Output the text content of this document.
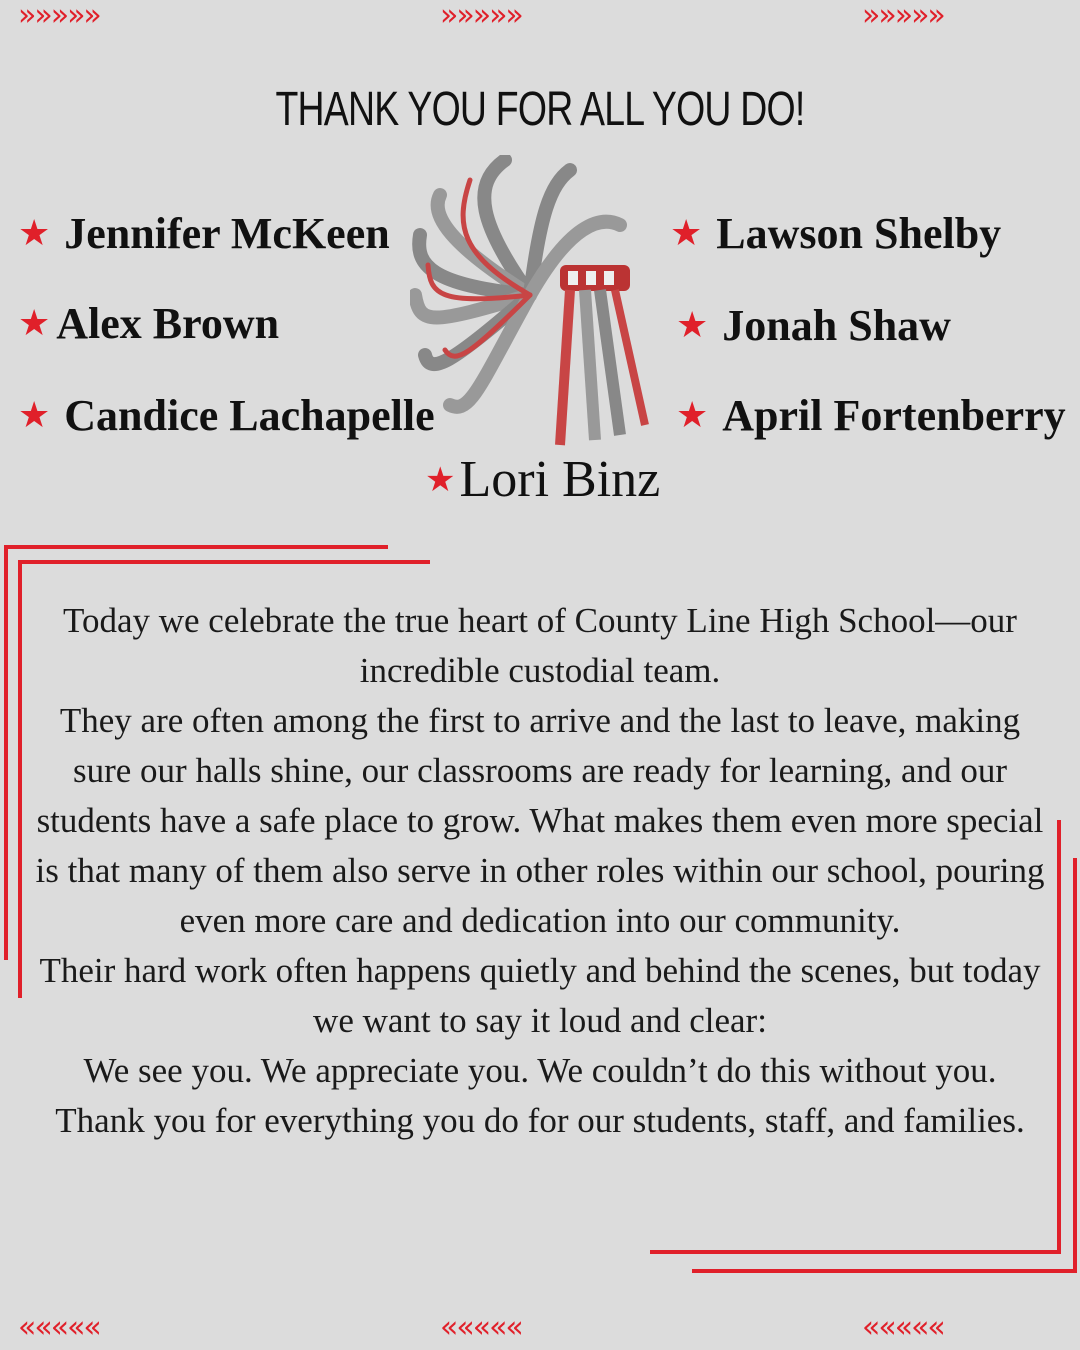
»»»»»	»»»»»	»»»»»
THANK YOU FOR ALL YOU DO!
★ Jennifer McKeen
★ Alex Brown
★ Candice Lachapelle
★ Lawson Shelby
★ Jonah Shaw
★ April Fortenberry
★ Lori Binz

Today we celebrate the true heart of County Line High School—our incredible custodial team.

They are often among the first to arrive and the last to leave, making sure our halls shine, our classrooms are ready for learning, and our students have a safe place to grow. What makes them even more special is that many of them also serve in other roles within our school, pouring even more care and dedication into our community.

Their hard work often happens quietly and behind the scenes, but today we want to say it loud and clear:

We see you. We appreciate you. We couldn’t do this without you.

Thank you for everything you do for our students, staff, and families.

«««««	«««««	«««««
